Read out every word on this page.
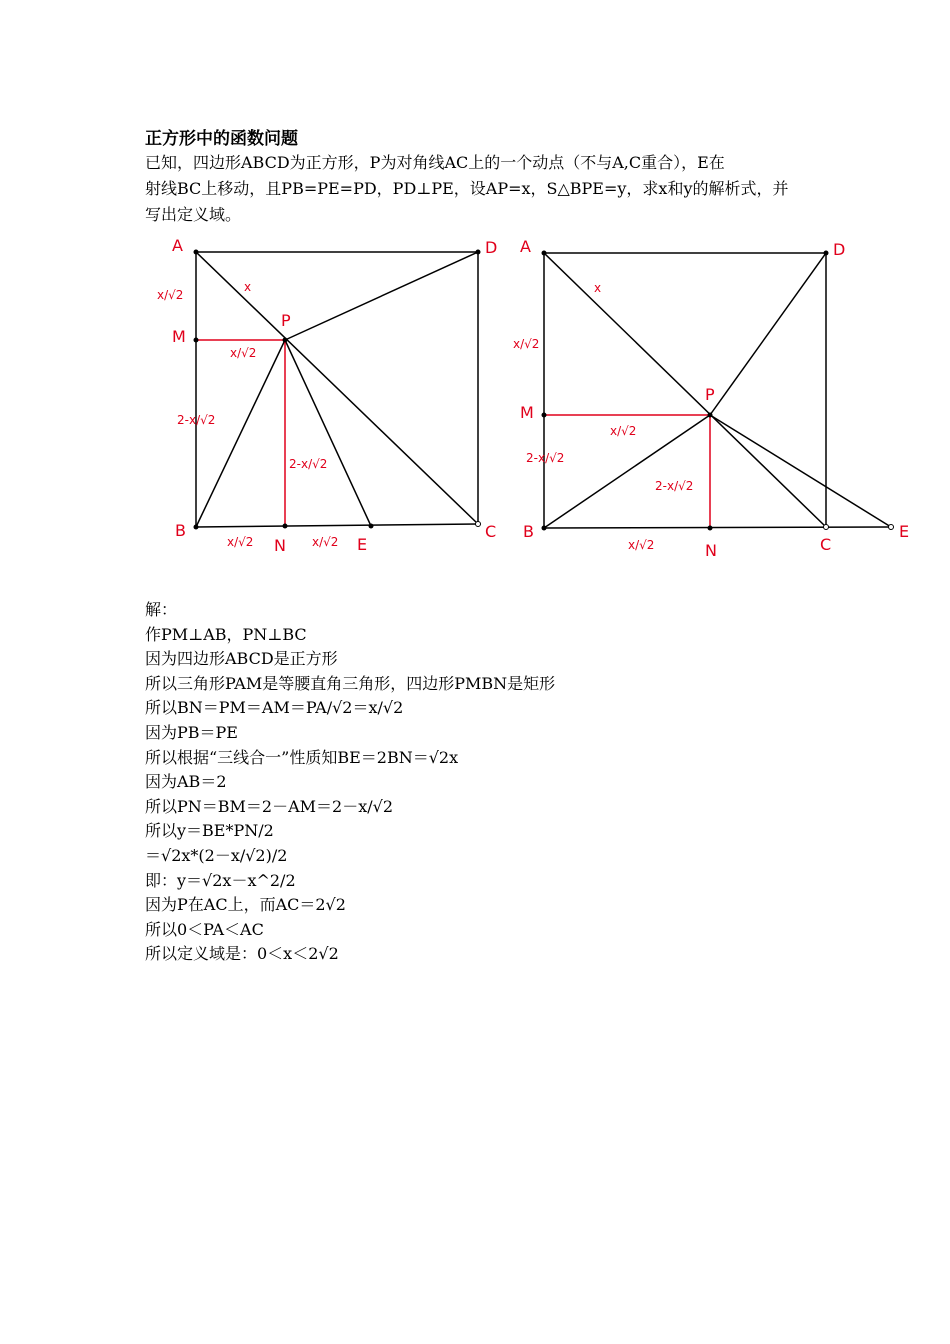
正方形中的函数问题
已知，四边形ABCD为正方形，P为对角线AC上的一个动点（不与A,C重合），E在
射线BC上移动，且PB=PE=PD，PD⊥PE，设AP=x，S△BPE=y，求x和y的解析式，并
写出定义域。
A	D
M
P
B
N	E
C
x
x/√2
x/√2
2-x/√2
2-x/√2
x/√2	x/√2
A	D
M
P
B
N	C
E
x
x/√2
x/√2
2-x/√2
2-x/√2
x/√2
解：
作PM⊥AB，PN⊥BC
因为四边形ABCD是正方形
所以三角形PAM是等腰直角三角形，四边形PMBN是矩形
所以BN＝PM＝AM＝PA/√2＝x/√2
因为PB＝PE
所以根据“三线合一”性质知BE＝2BN＝√2x
因为AB＝2
所以PN＝BM＝2－AM＝2－x/√2
所以y＝BE*PN/2
＝√2x*(2－x/√2)/2
即：y＝√2x－x^2/2
因为P在AC上，而AC＝2√2
所以0＜PA＜AC
所以定义域是：0＜x＜2√2
